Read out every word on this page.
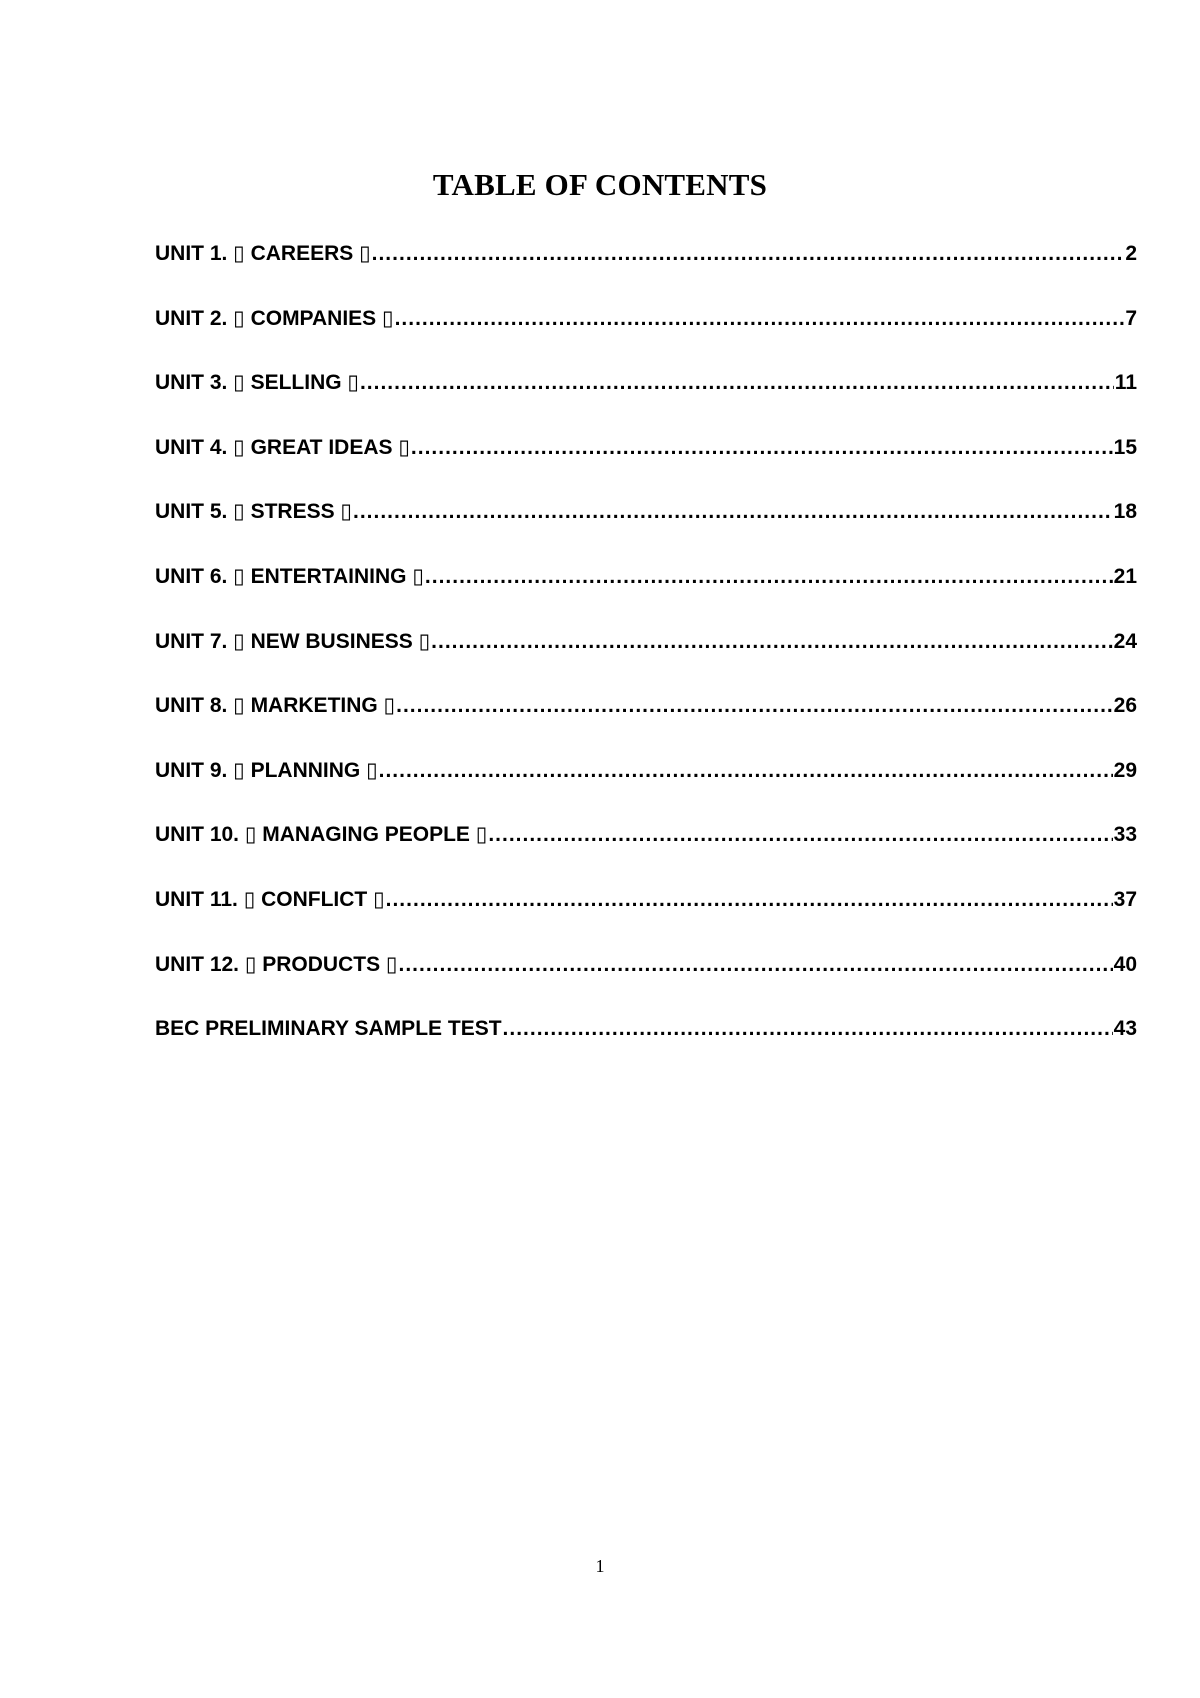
TABLE OF CONTENTS
UNIT 1. ▯ CAREERS ▯ .....	2
UNIT 2. ▯ COMPANIES ▯ .....	7
UNIT 3. ▯ SELLING ▯ .....	11
UNIT 4. ▯ GREAT IDEAS ▯ .....	15
UNIT 5. ▯ STRESS ▯ .....	18
UNIT 6. ▯ ENTERTAINING ▯ .....	21
UNIT 7. ▯ NEW BUSINESS ▯ .....	24
UNIT 8. ▯ MARKETING ▯ .....	26
UNIT 9. ▯ PLANNING ▯ .....	29
UNIT 10. ▯ MANAGING PEOPLE ▯ .....	33
UNIT 11. ▯ CONFLICT ▯ .....	37
UNIT 12. ▯ PRODUCTS ▯ .....	40
BEC PRELIMINARY SAMPLE TEST .....	43
1
